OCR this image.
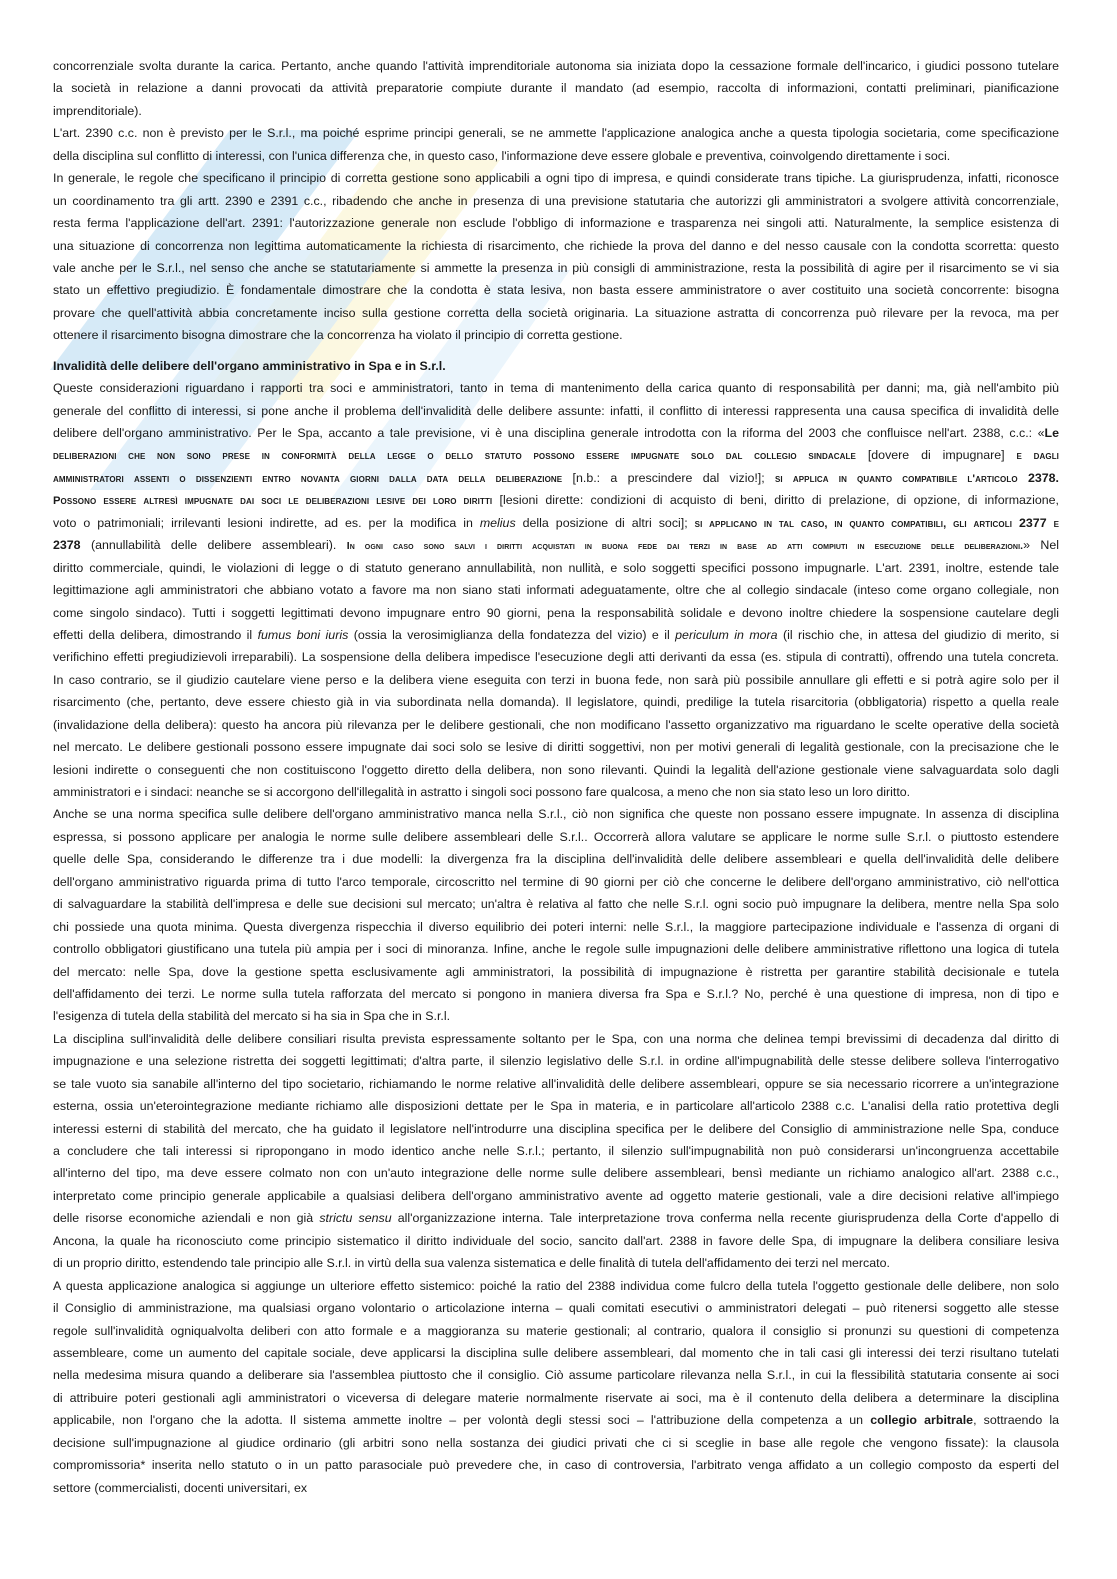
concorrenziale svolta durante la carica. Pertanto, anche quando l'attività imprenditoriale autonoma sia iniziata dopo la cessazione formale dell'incarico, i giudici possono tutelare
la società in relazione a danni provocati da attività preparatorie compiute durante il mandato (ad esempio, raccolta di informazioni, contatti preliminari, pianificazione
imprenditoriale).
L'art. 2390 c.c. non è previsto per le S.r.l., ma poiché esprime principi generali, se ne ammette l'applicazione analogica anche a questa tipologia societaria, come specificazione
della disciplina sul conflitto di interessi, con l'unica differenza che, in questo caso, l'informazione deve essere globale e preventiva, coinvolgendo direttamente i soci.
In generale, le regole che specificano il principio di corretta gestione sono applicabili a ogni tipo di impresa, e quindi considerate trans tipiche. La giurisprudenza, infatti, riconosce
un coordinamento tra gli artt. 2390 e 2391 c.c., ribadendo che anche in presenza di una previsione statutaria che autorizzi gli amministratori a svolgere attività concorrenziale,
resta ferma l'applicazione dell'art. 2391: l'autorizzazione generale non esclude l'obbligo di informazione e trasparenza nei singoli atti. Naturalmente, la semplice esistenza di
una situazione di concorrenza non legittima automaticamente la richiesta di risarcimento, che richiede la prova del danno e del nesso causale con la condotta scorretta: questo
vale anche per le S.r.l., nel senso che anche se statutariamente si ammette la presenza in più consigli di amministrazione, resta la possibilità di agire per il risarcimento se vi sia
stato un effettivo pregiudizio. È fondamentale dimostrare che la condotta è stata lesiva, non basta essere amministratore o aver costituito una società concorrente: bisogna
provare che quell'attività abbia concretamente inciso sulla gestione corretta della società originaria. La situazione astratta di concorrenza può rilevare per la revoca, ma per
ottenere il risarcimento bisogna dimostrare che la concorrenza ha violato il principio di corretta gestione.
Invalidità delle delibere dell'organo amministrativo in Spa e in S.r.l.
Queste considerazioni riguardano i rapporti tra soci e amministratori, tanto in tema di mantenimento della carica quanto di responsabilità per danni; ma, già nell'ambito più
generale del conflitto di interessi, si pone anche il problema dell'invalidità delle delibere assunte: infatti, il conflitto di interessi rappresenta una causa specifica di invalidità delle
delibere dell'organo amministrativo. Per le Spa, accanto a tale previsione, vi è una disciplina generale introdotta con la riforma del 2003 che confluisce nell'art. 2388, c.c.: «Le
deliberazioni che non sono prese in conformità della legge o dello statuto possono essere impugnate solo dal collegio sindacale [dovere di impugnare] e dagli
amministratori assenti o dissenzienti entro novanta giorni dalla data della deliberazione [n.b.: a prescindere dal vizio!]; si applica in quanto compatibile l'articolo 2378.
Possono essere altresì impugnate dai soci le deliberazioni lesive dei loro diritti [lesioni dirette: condizioni di acquisto di beni, diritto di prelazione, di opzione, di informazione,
voto o patrimoniali; irrilevanti lesioni indirette, ad es. per la modifica in melius della posizione di altri soci]; si applicano in tal caso, in quanto compatibili, gli articoli 2377 e
2378 (annullabilità delle delibere assembleari). In ogni caso sono salvi i diritti acquistati in buona fede dai terzi in base ad atti compiuti in esecuzione delle deliberazioni.» Nel
diritto commerciale, quindi, le violazioni di legge o di statuto generano annullabilità, non nullità, e solo soggetti specifici possono impugnarle. L'art. 2391, inoltre, estende tale
legittimazione agli amministratori che abbiano votato a favore ma non siano stati informati adeguatamente, oltre che al collegio sindacale (inteso come organo collegiale, non
come singolo sindaco). Tutti i soggetti legittimati devono impugnare entro 90 giorni, pena la responsabilità solidale e devono inoltre chiedere la sospensione cautelare degli
effetti della delibera, dimostrando il fumus boni iuris (ossia la verosimiglianza della fondatezza del vizio) e il periculum in mora (il rischio che, in attesa del giudizio di merito, si
verifichino effetti pregiudizievoli irreparabili). La sospensione della delibera impedisce l'esecuzione degli atti derivanti da essa (es. stipula di contratti), offrendo una tutela concreta.
In caso contrario, se il giudizio cautelare viene perso e la delibera viene eseguita con terzi in buona fede, non sarà più possibile annullare gli effetti e si potrà agire solo per il
risarcimento (che, pertanto, deve essere chiesto già in via subordinata nella domanda). Il legislatore, quindi, predilige la tutela risarcitoria (obbligatoria) rispetto a quella reale
(invalidazione della delibera): questo ha ancora più rilevanza per le delibere gestionali, che non modificano l'assetto organizzativo ma riguardano le scelte operative della società
nel mercato. Le delibere gestionali possono essere impugnate dai soci solo se lesive di diritti soggettivi, non per motivi generali di legalità gestionale, con la precisazione che le
lesioni indirette o conseguenti che non costituiscono l'oggetto diretto della delibera, non sono rilevanti. Quindi la legalità dell'azione gestionale viene salvaguardata solo dagli
amministratori e i sindaci: neanche se si accorgono dell'illegalità in astratto i singoli soci possono fare qualcosa, a meno che non sia stato leso un loro diritto.
Anche se una norma specifica sulle delibere dell'organo amministrativo manca nella S.r.l., ciò non significa che queste non possano essere impugnate. In assenza di disciplina
espressa, si possono applicare per analogia le norme sulle delibere assembleari delle S.r.l.. Occorrerà allora valutare se applicare le norme sulle S.r.l. o piuttosto estendere
quelle delle Spa, considerando le differenze tra i due modelli: la divergenza fra la disciplina dell'invalidità delle delibere assembleari e quella dell'invalidità delle delibere
dell'organo amministrativo riguarda prima di tutto l'arco temporale, circoscritto nel termine di 90 giorni per ciò che concerne le delibere dell'organo amministrativo, ciò nell'ottica
di salvaguardare la stabilità dell'impresa e delle sue decisioni sul mercato; un'altra è relativa al fatto che nelle S.r.l. ogni socio può impugnare la delibera, mentre nella Spa solo
chi possiede una quota minima. Questa divergenza rispecchia il diverso equilibrio dei poteri interni: nelle S.r.l., la maggiore partecipazione individuale e l'assenza di organi di
controllo obbligatori giustificano una tutela più ampia per i soci di minoranza. Infine, anche le regole sulle impugnazioni delle delibere amministrative riflettono una logica di tutela
del mercato: nelle Spa, dove la gestione spetta esclusivamente agli amministratori, la possibilità di impugnazione è ristretta per garantire stabilità decisionale e tutela
dell'affidamento dei terzi. Le norme sulla tutela rafforzata del mercato si pongono in maniera diversa fra Spa e S.r.l.? No, perché è una questione di impresa, non di tipo e
l'esigenza di tutela della stabilità del mercato si ha sia in Spa che in S.r.l.
La disciplina sull'invalidità delle delibere consiliari risulta prevista espressamente soltanto per le Spa, con una norma che delinea tempi brevissimi di decadenza dal diritto di
impugnazione e una selezione ristretta dei soggetti legittimati; d'altra parte, il silenzio legislativo delle S.r.l. in ordine all'impugnabilità delle stesse delibere solleva l'interrogativo
se tale vuoto sia sanabile all'interno del tipo societario, richiamando le norme relative all'invalidità delle delibere assembleari, oppure se sia necessario ricorrere a un'integrazione
esterna, ossia un'eterointegrazione mediante richiamo alle disposizioni dettate per le Spa in materia, e in particolare all'articolo 2388 c.c. L'analisi della ratio protettiva degli
interessi esterni di stabilità del mercato, che ha guidato il legislatore nell'introdurre una disciplina specifica per le delibere del Consiglio di amministrazione nelle Spa, conduce
a concludere che tali interessi si ripropongano in modo identico anche nelle S.r.l.; pertanto, il silenzio sull'impugnabilità non può considerarsi un'incongruenza accettabile
all'interno del tipo, ma deve essere colmato non con un'auto integrazione delle norme sulle delibere assembleari, bensì mediante un richiamo analogico all'art. 2388 c.c.,
interpretato come principio generale applicabile a qualsiasi delibera dell'organo amministrativo avente ad oggetto materie gestionali, vale a dire decisioni relative all'impiego
delle risorse economiche aziendali e non già strictu sensu all'organizzazione interna. Tale interpretazione trova conferma nella recente giurisprudenza della Corte d'appello di
Ancona, la quale ha riconosciuto come principio sistematico il diritto individuale del socio, sancito dall'art. 2388 in favore delle Spa, di impugnare la delibera consiliare lesiva
di un proprio diritto, estendendo tale principio alle S.r.l. in virtù della sua valenza sistematica e delle finalità di tutela dell'affidamento dei terzi nel mercato.
A questa applicazione analogica si aggiunge un ulteriore effetto sistemico: poiché la ratio del 2388 individua come fulcro della tutela l'oggetto gestionale delle delibere, non solo
il Consiglio di amministrazione, ma qualsiasi organo volontario o articolazione interna – quali comitati esecutivi o amministratori delegati – può ritenersi soggetto alle stesse
regole sull'invalidità ogniqualvolta deliberi con atto formale e a maggioranza su materie gestionali; al contrario, qualora il consiglio si pronunzi su questioni di competenza
assembleare, come un aumento del capitale sociale, deve applicarsi la disciplina sulle delibere assembleari, dal momento che in tali casi gli interessi dei terzi risultano tutelati
nella medesima misura quando a deliberare sia l'assemblea piuttosto che il consiglio. Ciò assume particolare rilevanza nella S.r.l., in cui la flessibilità statutaria consente ai soci
di attribuire poteri gestionali agli amministratori o viceversa di delegare materie normalmente riservate ai soci, ma è il contenuto della delibera a determinare la disciplina
applicabile, non l'organo che la adotta. Il sistema ammette inoltre – per volontà degli stessi soci – l'attribuzione della competenza a un collegio arbitrale, sottraendo la
decisione sull'impugnazione al giudice ordinario (gli arbitri sono nella sostanza dei giudici privati che ci si sceglie in base alle regole che vengono fissate): la clausola
compromissoria* inserita nello statuto o in un patto parasociale può prevedere che, in caso di controversia, l'arbitrato venga affidato a un collegio composto da esperti del
settore (commercialisti, docenti universitari, ex
